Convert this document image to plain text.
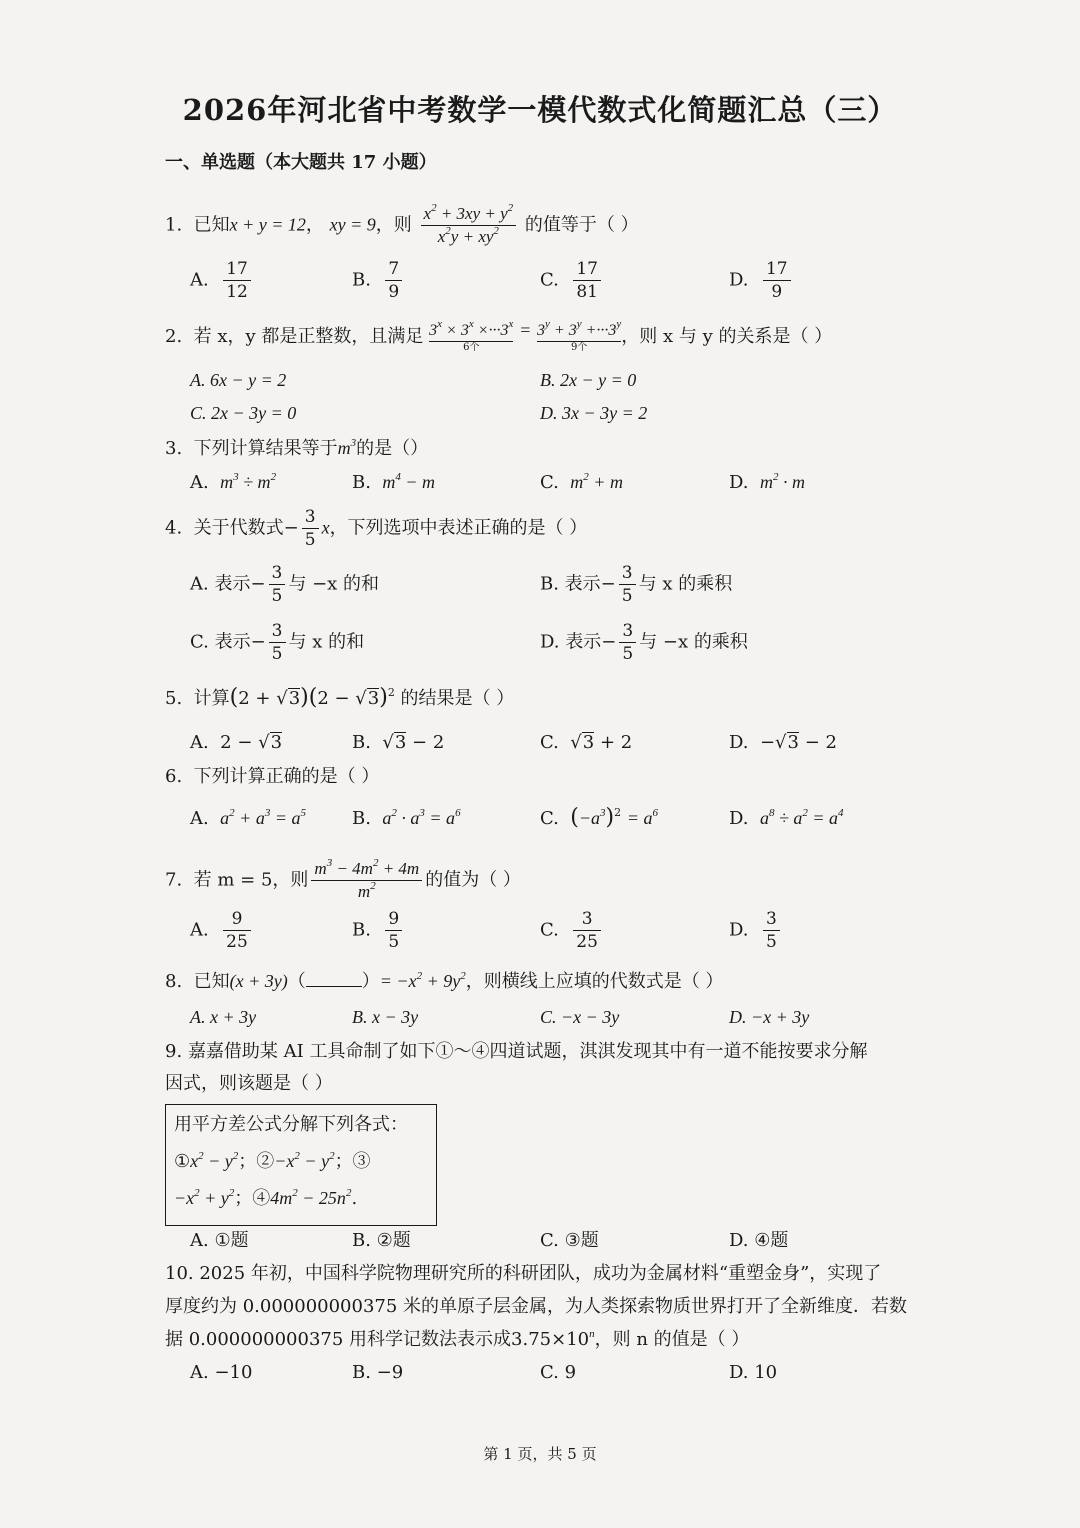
2026年河北省中考数学一模代数式化简题汇总（三）
一、单选题（本大题共 17 小题）
1. 已知x + y = 12， xy = 9，则 $\frac{x^2 + 3xy + y^2}{x^2y + xy^2}$ 的值等于（ ）
A. $\frac{17}{12}$	B. $\frac{7}{9}$	C. $\frac{17}{81}$	D. $\frac{17}{9}$
2. 若 x，y 都是正整数，且满足 $3^x \times 3^x \times\cdot\cdot\cdot 3^x$
6个
= $3^y + 3^y +\cdot\cdot\cdot 3^y$
9个	，则 x 与 y 的关系是（ ）
A. 6x − y = 2	B. 2x − y = 0
C. 2x − 3y = 0	D. 3x − 3y = 2
3. 下列计算结果等于$m^3$的是（）
A.  $m^3 \div m^2$	B.  $m^4 - m$	C.  $m^2 + m$	D.  $m^2 \cdot m$
4. 关于代数式− $\frac{3}{5}$ x，下列选项中表述正确的是（ ）
A. 表示− $\frac{3}{5}$ 与 −x 的和	B. 表示− $\frac{3}{5}$ 与 x 的乘积
C. 表示− $\frac{3}{5}$ 与 x 的和	D. 表示− $\frac{3}{5}$ 与 −x 的乘积
5. 计算$(2 + √3)(2 - √3)^2$ 的结果是（ ）
A.  2 − √3	B.  √3 − 2	C.  √3 + 2	D.  −√3 − 2
6. 下列计算正确的是（ ）
A.  $a^2 + a^3 = a^5$	B.  $a^2 \cdot a^3 = a^6$	C.  $(-a^3)^2 = a^6$	D.  $a^8 \div a^2 = a^4$
7. 若 m = 5，则 $\frac{m^3 - 4m^2 + 4m}{m^2}$ 的值为（ ）
A. $\frac{9}{25}$	B. $\frac{9}{5}$	C. $\frac{3}{25}$	D. $\frac{3}{5}$
8. 已知(x + 3y)（	）= $-x^2 + 9y^2$，则横线上应填的代数式是（ ）
A. x + 3y	B. x − 3y	C. −x − 3y	D. −x + 3y
9. 嘉嘉借助某 AI 工具命制了如下①～④四道试题，淇淇发现其中有一道不能按要求分解
因式，则该题是（ ）
用平方差公式分解下列各式：
$①x^2 - y^2$；$②-x^2 - y^2$；③
$-x^2 + y^2$；$④4m^2 - 25n^2$.
A. ①题	B. ②题	C. ③题	D. ④题
10. 2025 年初，中国科学院物理研究所的科研团队，成功为金属材料“重塑金身”，实现了
厚度约为 0.000000000375 米的单原子层金属，为人类探索物质世界打开了全新维度．若数
据 0.000000000375 用科学记数法表示成$3.75\times 10^n$，则 n 的值是（ ）
A. −10	B. −9	C. 9	D. 10
第 1 页，共 5 页
